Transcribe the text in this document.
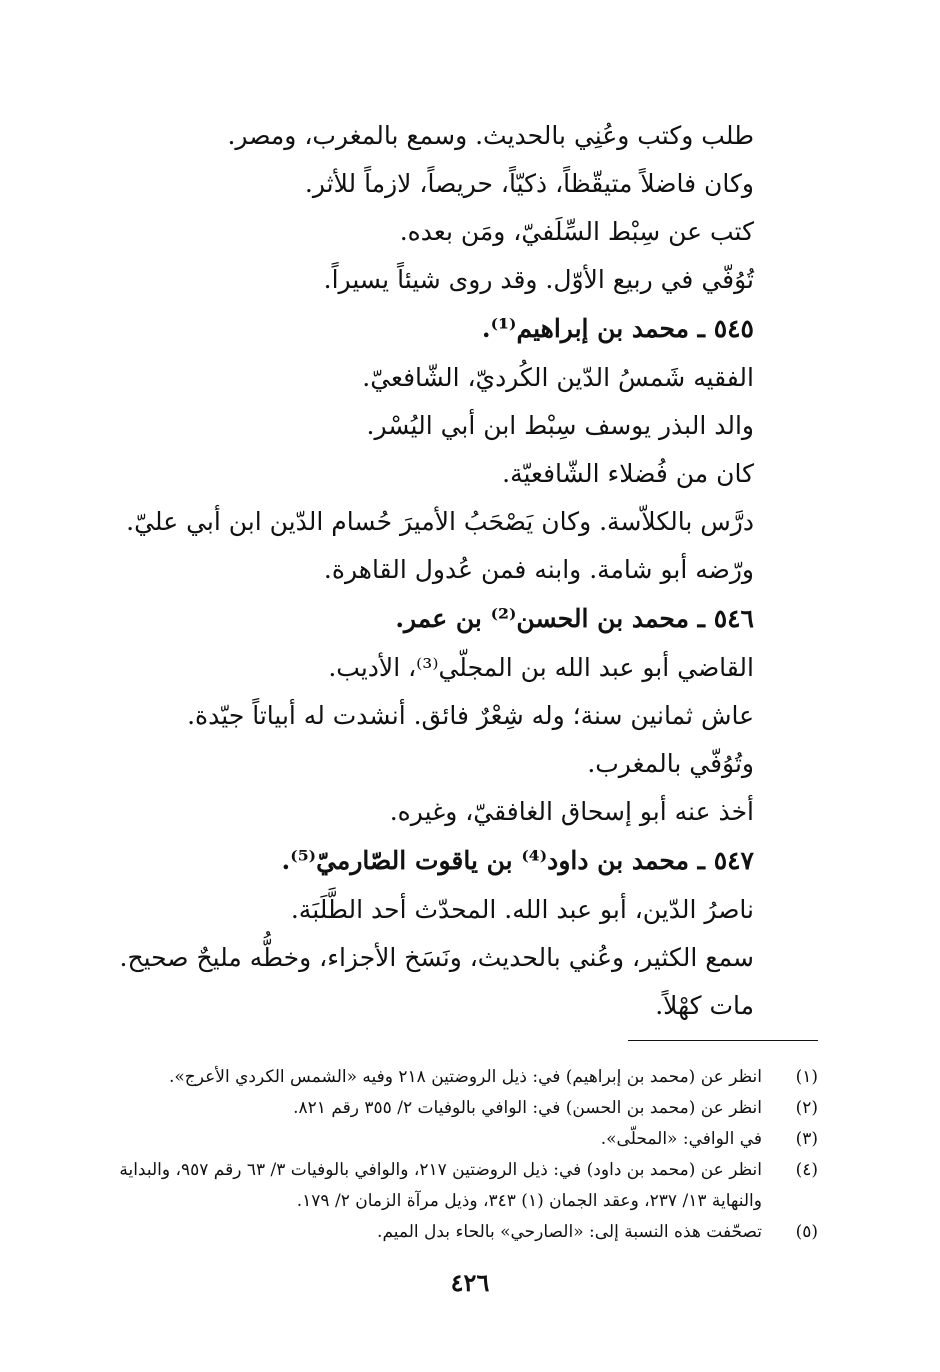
طلب وكتب وعُنِي بالحديث. وسمع بالمغرب، ومصر.
وكان فاضلاً متيقّظاً، ذكيّاً، حريصاً، لازماً للأثر.
كتب عن سِبْط السِّلَفيّ، ومَن بعده.
تُوُفّي في ربيع الأوّل. وقد روى شيئاً يسيراً.
٥٤٥ ـ محمد بن إبراهيم⁽¹⁾.
الفقيه شَمسُ الدّين الكُرديّ، الشّافعيّ.
والد البذر يوسف سِبْط ابن أبي اليُسْر.
كان من فُضلاء الشّافعيّة.
درَّس بالكلاّسة. وكان يَصْحَبُ الأميرَ حُسام الدّين ابن أبي عليّ.
ورّضه أبو شامة. وابنه فمن عُدول القاهرة.
٥٤٦ ـ محمد بن الحسن⁽²⁾ بن عمر.
القاضي أبو عبد الله بن المجلّي⁽³⁾، الأديب.
عاش ثمانين سنة؛ وله شِعْرٌ فائق. أنشدت له أبياتاً جيّدة.
وتُوُفّي بالمغرب.
أخذ عنه أبو إسحاق الغافقيّ، وغيره.
٥٤٧ ـ محمد بن داود⁽⁴⁾ بن ياقوت الصّارميّ⁽⁵⁾.
ناصرُ الدّين، أبو عبد الله. المحدّث أحد الطَّلَبَة.
سمع الكثير، وعُني بالحديث، ونَسَخ الأجزاء، وخطُّه مليحٌ صحيح.
مات كهْلاً.
(١)
انظر عن (محمد بن إبراهيم) في: ذيل الروضتين ٢١٨ وفيه «الشمس الكردي الأعرج».
(٢)
انظر عن (محمد بن الحسن) في: الوافي بالوفيات ٢/ ٣٥٥ رقم ٨٢١.
(٣)
في الوافي: «المحلّى».
(٤)
انظر عن (محمد بن داود) في: ذيل الروضتين ٢١٧، والوافي بالوفيات ٣/ ٦٣ رقم ٩٥٧، والبداية والنهاية ١٣/ ٢٣٧، وعقد الجمان (١) ٣٤٣، وذيل مرآة الزمان ٢/ ١٧٩.
(٥)
تصحّفت هذه النسبة إلى: «الصارحي» بالحاء بدل الميم.
٤٢٦
